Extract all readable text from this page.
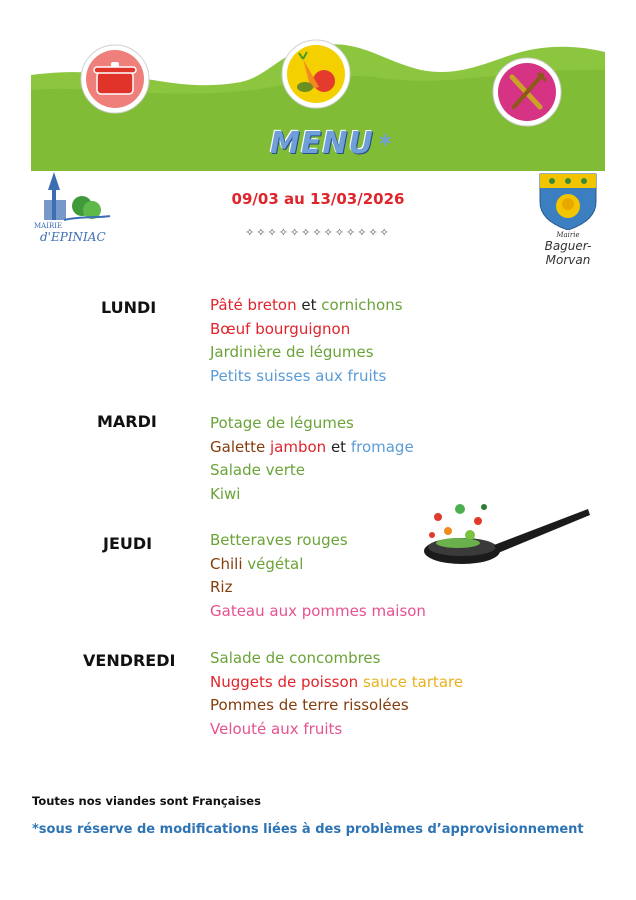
MENU *
MAIRIE
d'EPINIAC	Mairie
Baguer-Morvan
09/03 au 13/03/2026
✧✧✧✧✧✧✧✧✧✧✧✧✧
LUNDI	Pâté breton et cornichons
Bœuf bourguignon
Jardinière de légumes
Petits suisses aux fruits
MARDI	Potage de légumes
Galette jambon et fromage
Salade verte
Kiwi
JEUDI	Betteraves rouges
Chili végétal
Riz
Gateau aux pommes maison
VENDREDI Salade de concombres
Nuggets de poisson sauce tartare
Pommes de terre rissolées
Velouté aux fruits
Toutes nos viandes sont Françaises
*sous réserve de modifications liées à des problèmes d’approvisionnement
